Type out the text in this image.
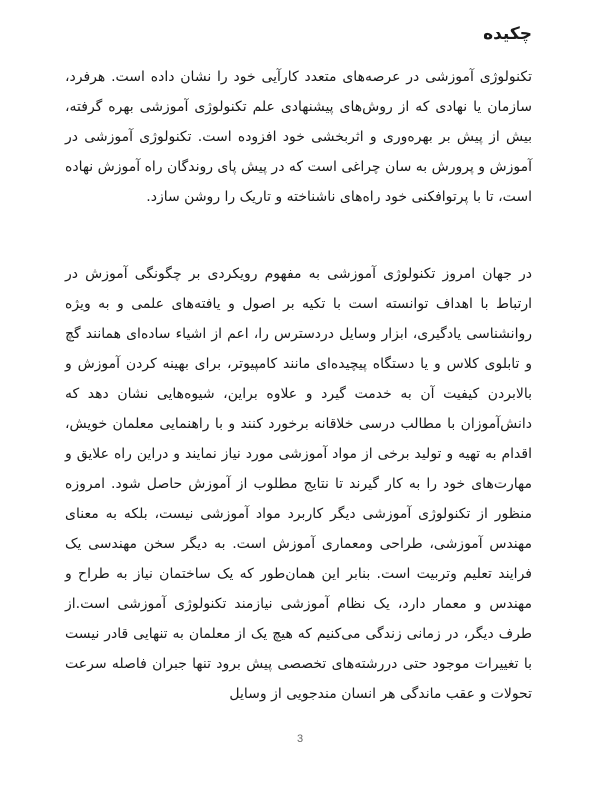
چکیده

تکنولوژی آموزشی در عرصه‌های متعدد کارآیی خود را نشان داده است. هرفرد، سازمان یا نهادی که از روش‌های پیشنهادی علم تکنولوژی آموزشی بهره گرفته، بیش از پیش بر بهره‌وری و اثربخشی خود افزوده است. تکنولوژی آموزشی در آموزش و پرورش به سان چراغی است که در پیش پای روندگان راه آموزش نهاده است، تا با پرتوافکنی خود راه‌های ناشناخته و تاریک را روشن سازد.

در جهان امروز تکنولوژی آموزشی به مفهوم رویکردی بر چگونگی آموزش در ارتباط با اهداف توانسته است با تکیه بر اصول و یافته‌های علمی و به ویژه روانشناسی یادگیری، ابزار وسایل دردسترس را، اعم از اشیاء ساده‌ای همانند گچ و تابلوی کلاس و یا دستگاه پیچیده‌ای مانند کامپیوتر، برای بهینه کردن آموزش و بالابردن کیفیت آن به خدمت گیرد و علاوه براین، شیوه‌هایی نشان دهد که دانش‌آموزان با مطالب درسی خلاقانه برخورد کنند و با راهنمایی معلمان خویش، اقدام به تهیه و تولید برخی از مواد آموزشی مورد نیاز نمایند و دراین راه علایق و مهارت‌های خود را به کار گیرند تا نتایج مطلوب از آموزش حاصل شود. امروزه منظور از تکنولوژی آموزشی دیگر کاربرد مواد آموزشی نیست، بلکه به معنای مهندس آموزشی، طراحی ومعماری آموزش است. به دیگر سخن مهندسی یک فرایند تعلیم وتربیت است. بنابر این همان‌طور که یک ساختمان نیاز به طراح و مهندس و معمار دارد، یک نظام آموزشی نیازمند تکنولوژی آموزشی است.از طرف دیگر، در زمانی زندگی می‌کنیم که هیچ یک از معلمان به تنهایی قادر نیست با تغییرات موجود حتی دررشته‌های تخصصی پیش برود تنها جبران فاصله سرعت تحولات و عقب ماندگی هر انسان مندجویی از وسایل

3
